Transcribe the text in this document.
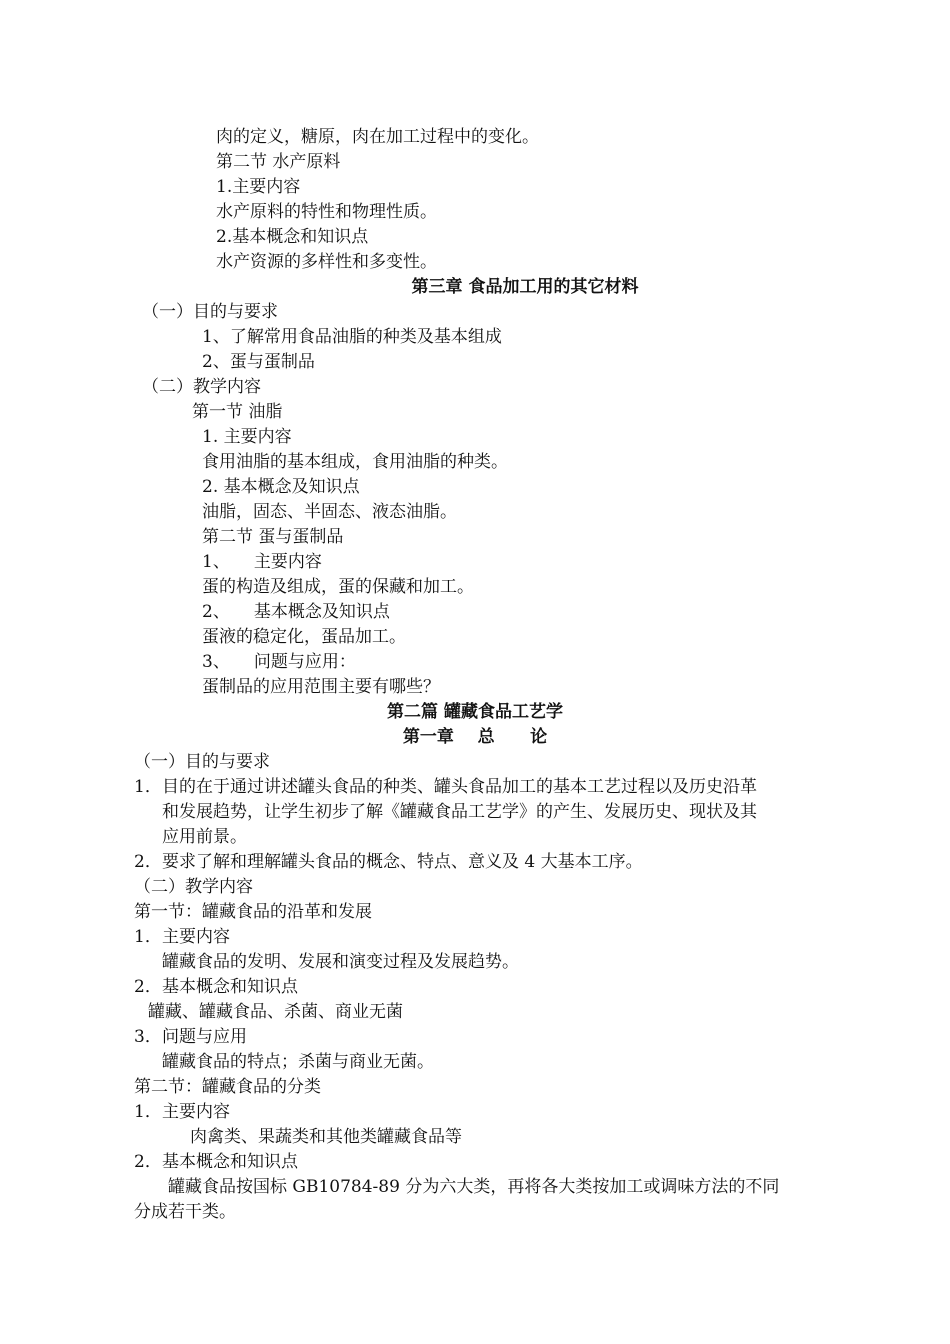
肉的定义，糖原，肉在加工过程中的变化。
第二节 水产原料
1.主要内容
水产原料的特性和物理性质。
2.基本概念和知识点
水产资源的多样性和多变性。
第三章 食品加工用的其它材料
（一）目的与要求
1、了解常用食品油脂的种类及基本组成
2、蛋与蛋制品
（二）教学内容
第一节 油脂
1. 主要内容
食用油脂的基本组成，食用油脂的种类。
2. 基本概念及知识点
油脂，固态、半固态、液态油脂。
第二节 蛋与蛋制品
1、 主要内容
蛋的构造及组成，蛋的保藏和加工。
2、 基本概念及知识点
蛋液的稳定化，蛋品加工。
3、 问题与应用：
蛋制品的应用范围主要有哪些？
第二篇 罐藏食品工艺学
第一章    总      论
（一）目的与要求
1．目的在于通过讲述罐头食品的种类、罐头食品加工的基本工艺过程以及历史沿革
和发展趋势，让学生初步了解《罐藏食品工艺学》的产生、发展历史、现状及其
应用前景。
2．要求了解和理解罐头食品的概念、特点、意义及 4 大基本工序。
（二）教学内容
第一节：罐藏食品的沿革和发展
1．主要内容
罐藏食品的发明、发展和演变过程及发展趋势。
2．基本概念和知识点
罐藏、罐藏食品、杀菌、商业无菌
3．问题与应用
罐藏食品的特点；杀菌与商业无菌。
第二节：罐藏食品的分类
1．主要内容
肉禽类、果蔬类和其他类罐藏食品等
2．基本概念和知识点
罐藏食品按国标 GB10784-89 分为六大类，再将各大类按加工或调味方法的不同
分成若干类。
